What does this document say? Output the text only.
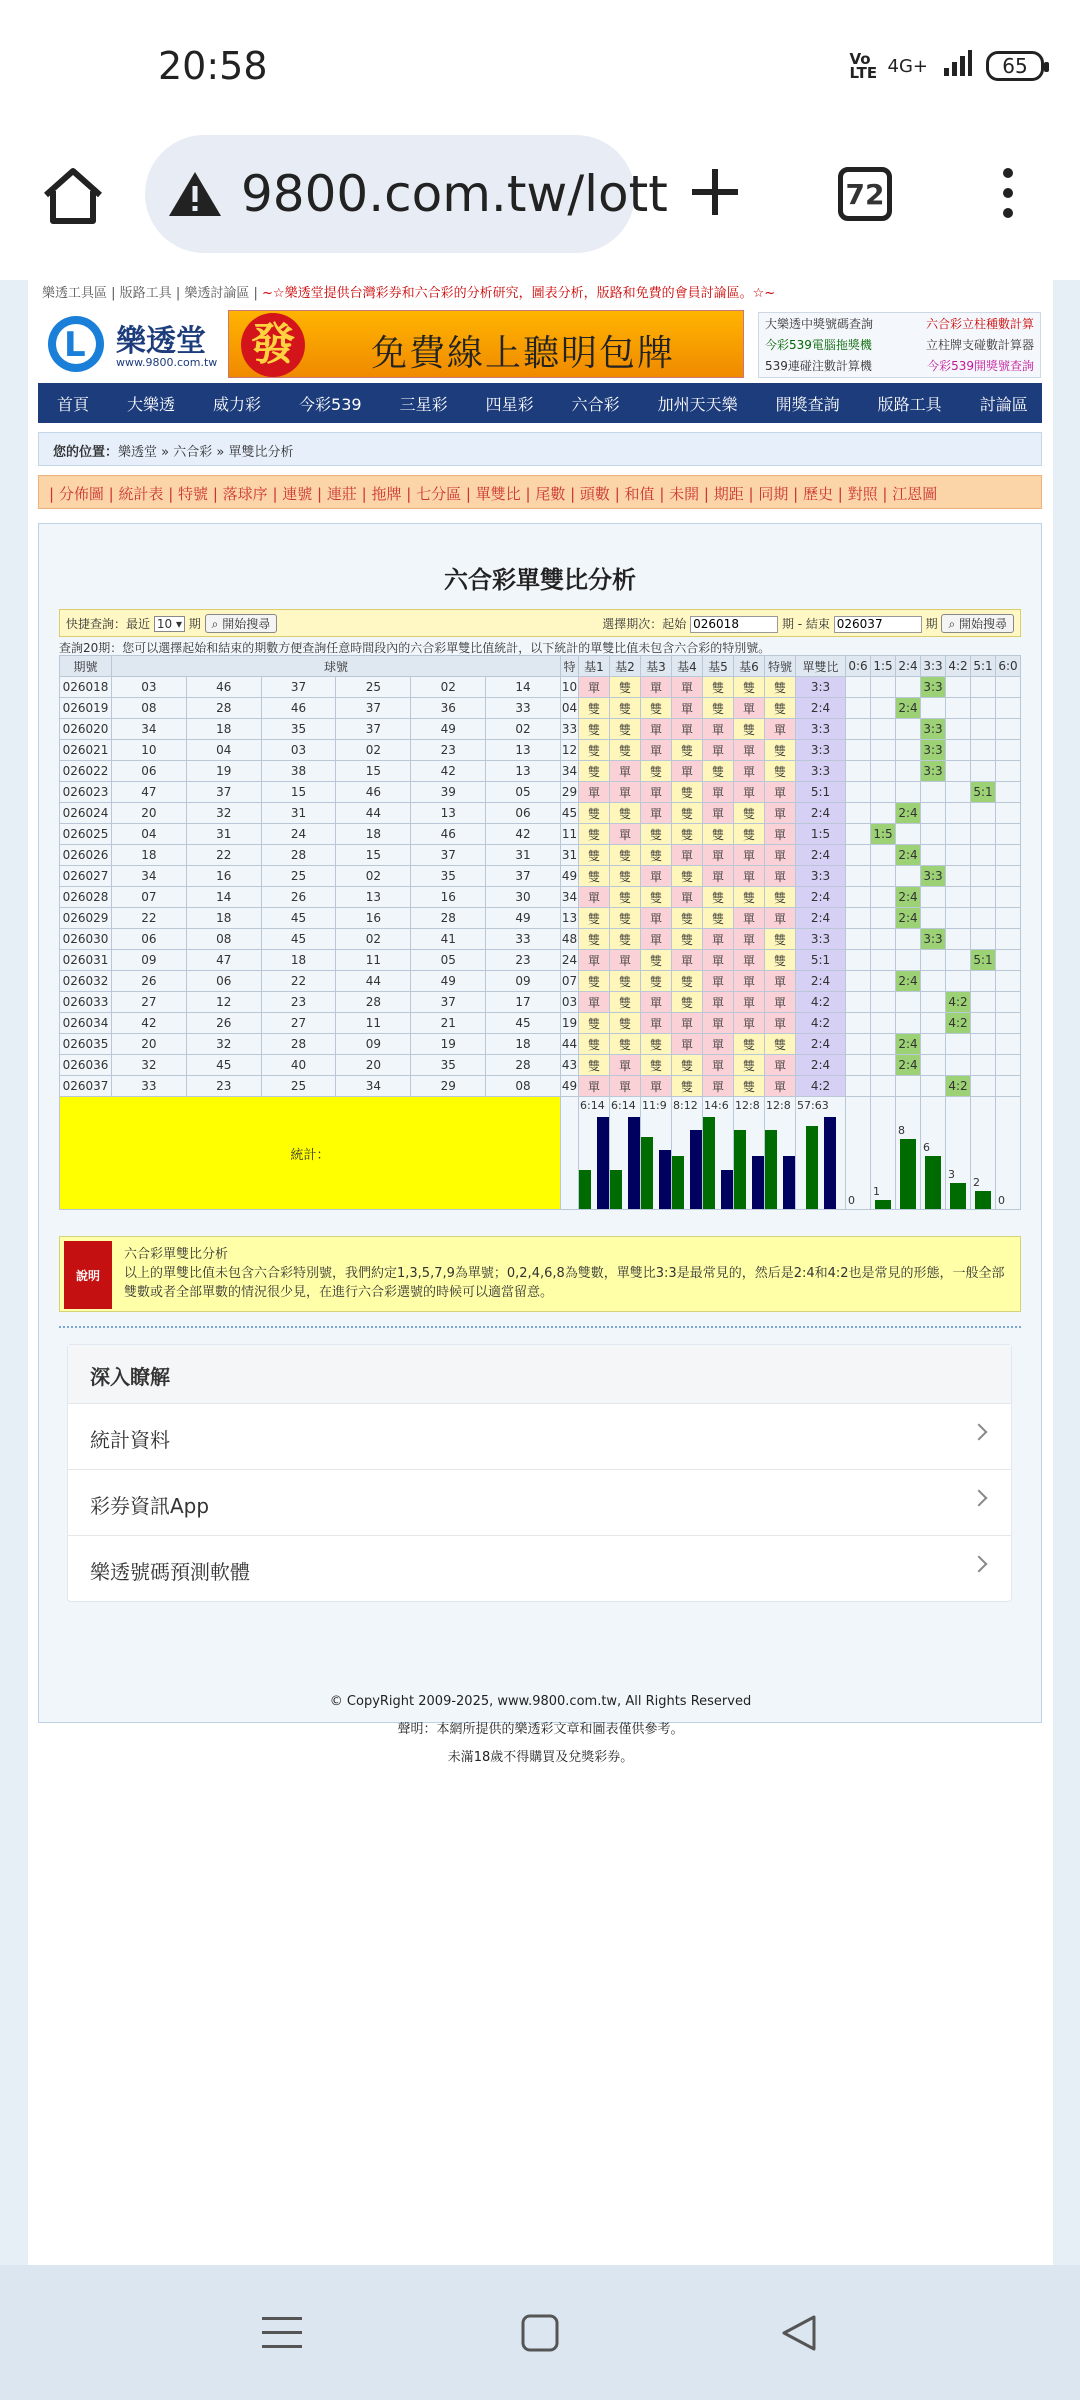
20:58	Vo LTE 4G+	65
9800.com.tw/lott	72
樂透工具區 | 版路工具 | 樂透討論區 | ~☆樂透堂提供台灣彩券和六合彩的分析研究，圖表分析，版路和免費的會員討論區。☆~
L 樂透堂
www.9800.com.tw 發 免費線上聽明包牌
大樂透中獎號碼查詢	六合彩立柱種數計算
今彩539電腦拖獎機	立柱牌支碰數計算器
539連碰注數計算機	今彩539開獎號查詢
首頁	大樂透	威力彩	今彩539	三星彩	四星彩	六合彩	加州天天樂	開獎查詢	版路工具	討論區
您的位置：樂透堂 » 六合彩 » 單雙比分析
| 分佈圖 | 統計表 | 特號 | 落球序 | 連號 | 連莊 | 拖牌 | 七分區 | 單雙比 | 尾數 | 頭數 | 和值 | 未開 | 期距 | 同期 | 歷史 | 對照 | 江恩圖
六合彩單雙比分析
快捷查詢：最近 10 ▾ 期 ⌕ 開始搜尋	選擇期次：起始 026018	期 - 結束 026037	期 ⌕ 開始搜尋
查詢20期：您可以選擇起始和結束的期數方便查詢任意時間段內的六合彩單雙比值統計，以下統計的單雙比值未包含六合彩的特別號。
期號	球號						特	基1	基2	基3	基4	基5	基6	特號	單雙比	0:6	1:5	2:4	3:3	4:2	5:1	6:0
026018	03	46	37	25	02	14	10	單	雙	單	單	雙	雙	雙	3:3				3:3			
026019	08	28	46	37	36	33	04	雙	雙	雙	單	雙	單	雙	2:4			2:4				
026020	34	18	35	37	49	02	33	雙	雙	單	單	單	雙	單	3:3				3:3			
026021	10	04	03	02	23	13	12	雙	雙	單	雙	單	單	雙	3:3				3:3			
026022	06	19	38	15	42	13	34	雙	單	雙	單	雙	單	雙	3:3				3:3			
026023	47	37	15	46	39	05	29	單	單	單	雙	單	單	單	5:1						5:1	
026024	20	32	31	44	13	06	45	雙	雙	單	雙	單	雙	單	2:4			2:4				
026025	04	31	24	18	46	42	11	雙	單	雙	雙	雙	雙	單	1:5		1:5					
026026	18	22	28	15	37	31	31	雙	雙	雙	單	單	單	單	2:4			2:4				
026027	34	16	25	02	35	37	49	雙	雙	單	雙	單	單	單	3:3				3:3			
026028	07	14	26	13	16	30	34	單	雙	雙	單	雙	雙	雙	2:4			2:4				
026029	22	18	45	16	28	49	13	雙	雙	單	雙	雙	單	單	2:4			2:4				
026030	06	08	45	02	41	33	48	雙	雙	單	雙	單	單	雙	3:3				3:3			
026031	09	47	18	11	05	23	24	單	單	雙	單	單	單	雙	5:1						5:1	
026032	26	06	22	44	49	09	07	雙	雙	雙	雙	單	單	單	2:4			2:4				
026033	27	12	23	28	37	17	03	單	雙	單	雙	單	單	單	4:2					4:2		
026034	42	26	27	11	21	45	19	雙	雙	單	單	單	單	單	4:2					4:2		
026035	20	32	28	09	19	18	44	雙	雙	雙	單	單	雙	雙	2:4			2:4				
026036	32	45	40	20	35	28	43	雙	單	雙	雙	單	雙	單	2:4			2:4				
026037	33	23	25	34	29	08	49	單	單	單	雙	單	雙	單	4:2					4:2		
統計：								6:14	6:14	11:9	8:12	14:6	12:8	12:8	57:63	0	1	8	6	3	2	0
說明
六合彩單雙比分析
以上的單雙比值未包含六合彩特別號，我們約定1,3,5,7,9為單號；0,2,4,6,8為雙數，單雙比3:3是最常見的，然后是2:4和4:2也是常見的形態，一般全部雙數或者全部單數的情況很少見，在進行六合彩選號的時候可以適當留意。
深入瞭解
統計資料
彩券資訊App
樂透號碼預測軟體
© CopyRight 2009-2025, www.9800.com.tw, All Rights Reserved
聲明：本網所提供的樂透彩文章和圖表僅供參考。
未滿18歲不得購買及兌獎彩券。
